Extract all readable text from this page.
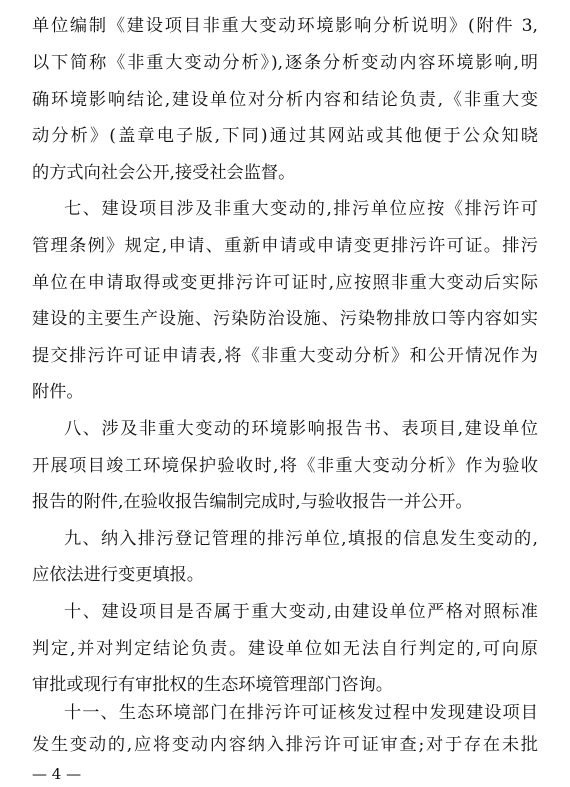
单位编制《建设项目非重大变动环境影响分析说明》(附件 3,
以下简称《非重大变动分析》),逐条分析变动内容环境影响,明
确环境影响结论,建设单位对分析内容和结论负责,《非重大变
动分析》(盖章电子版,下同)通过其网站或其他便于公众知晓
的方式向社会公开,接受社会监督。
七、建设项目涉及非重大变动的,排污单位应按《排污许可
管理条例》规定,申请、重新申请或申请变更排污许可证。排污
单位在申请取得或变更排污许可证时,应按照非重大变动后实际
建设的主要生产设施、污染防治设施、污染物排放口等内容如实
提交排污许可证申请表,将《非重大变动分析》和公开情况作为
附件。
八、涉及非重大变动的环境影响报告书、表项目,建设单位
开展项目竣工环境保护验收时,将《非重大变动分析》作为验收
报告的附件,在验收报告编制完成时,与验收报告一并公开。
九、纳入排污登记管理的排污单位,填报的信息发生变动的,
应依法进行变更填报。
十、建设项目是否属于重大变动,由建设单位严格对照标准
判定,并对判定结论负责。建设单位如无法自行判定的,可向原
审批或现行有审批权的生态环境管理部门咨询。
十一、生态环境部门在排污许可证核发过程中发现建设项目
— 4 —
发生变动的,应将变动内容纳入排污许可证审查;对于存在未批
